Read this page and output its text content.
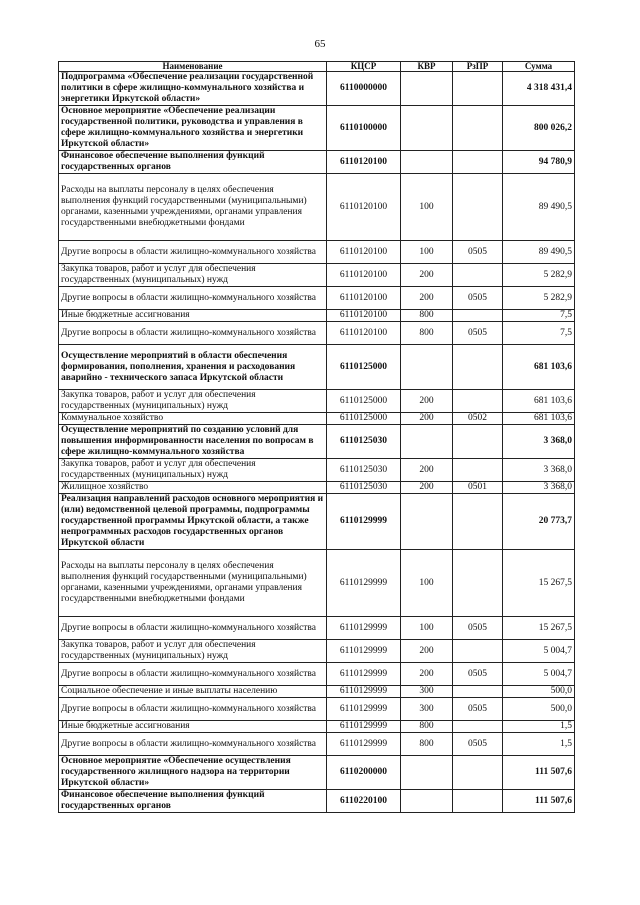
65
Наименование	КЦСР	КВР	РзПР	Сумма
Подпрограмма «Обеспечение реализации государственной политики в сфере жилищно-коммунального хозяйства и энергетики Иркутской области»	6110000000			4 318 431,4
Основное мероприятие «Обеспечение реализации государственной политики, руководства и управления в сфере жилищно-коммунального хозяйства и энергетики Иркутской области»	6110100000			800 026,2
Финансовое обеспечение выполнения функций государственных органов	6110120100			94 780,9
Расходы на выплаты персоналу в целях обеспечения выполнения функций государственными (муниципальными) органами, казенными учреждениями, органами управления государственными внебюджетными фондами	6110120100	100		89 490,5
Другие вопросы в области жилищно-коммунального хозяйства	6110120100	100	0505	89 490,5
Закупка товаров, работ и услуг для обеспечения государственных (муниципальных) нужд	6110120100	200		5 282,9
Другие вопросы в области жилищно-коммунального хозяйства	6110120100	200	0505	5 282,9
Иные бюджетные ассигнования	6110120100	800		7,5
Другие вопросы в области жилищно-коммунального хозяйства	6110120100	800	0505	7,5
Осуществление мероприятий в области обеспечения формирования, пополнения, хранения и расходования аварийно - технического запаса Иркутской области	6110125000			681 103,6
Закупка товаров, работ и услуг для обеспечения государственных (муниципальных) нужд	6110125000	200		681 103,6
Коммунальное хозяйство	6110125000	200	0502	681 103,6
Осуществление мероприятий по созданию условий для повышения информированности населения по вопросам в сфере жилищно-коммунального хозяйства	6110125030			3 368,0
Закупка товаров, работ и услуг для обеспечения государственных (муниципальных) нужд	6110125030	200		3 368,0
Жилищное хозяйство	6110125030	200	0501	3 368,0
Реализация направлений расходов основного мероприятия и (или) ведомственной целевой программы, подпрограммы государственной программы Иркутской области, а также непрограммных расходов государственных органов Иркутской области	6110129999			20 773,7
Расходы на выплаты персоналу в целях обеспечения выполнения функций государственными (муниципальными) органами, казенными учреждениями, органами управления государственными внебюджетными фондами	6110129999	100		15 267,5
Другие вопросы в области жилищно-коммунального хозяйства	6110129999	100	0505	15 267,5
Закупка товаров, работ и услуг для обеспечения государственных (муниципальных) нужд	6110129999	200		5 004,7
Другие вопросы в области жилищно-коммунального хозяйства	6110129999	200	0505	5 004,7
Социальное обеспечение и иные выплаты населению	6110129999	300		500,0
Другие вопросы в области жилищно-коммунального хозяйства	6110129999	300	0505	500,0
Иные бюджетные ассигнования	6110129999	800		1,5
Другие вопросы в области жилищно-коммунального хозяйства	6110129999	800	0505	1,5
Основное мероприятие «Обеспечение осуществления государственного жилищного надзора на территории Иркутской области»	6110200000			111 507,6
Финансовое обеспечение выполнения функций государственных органов	6110220100			111 507,6
